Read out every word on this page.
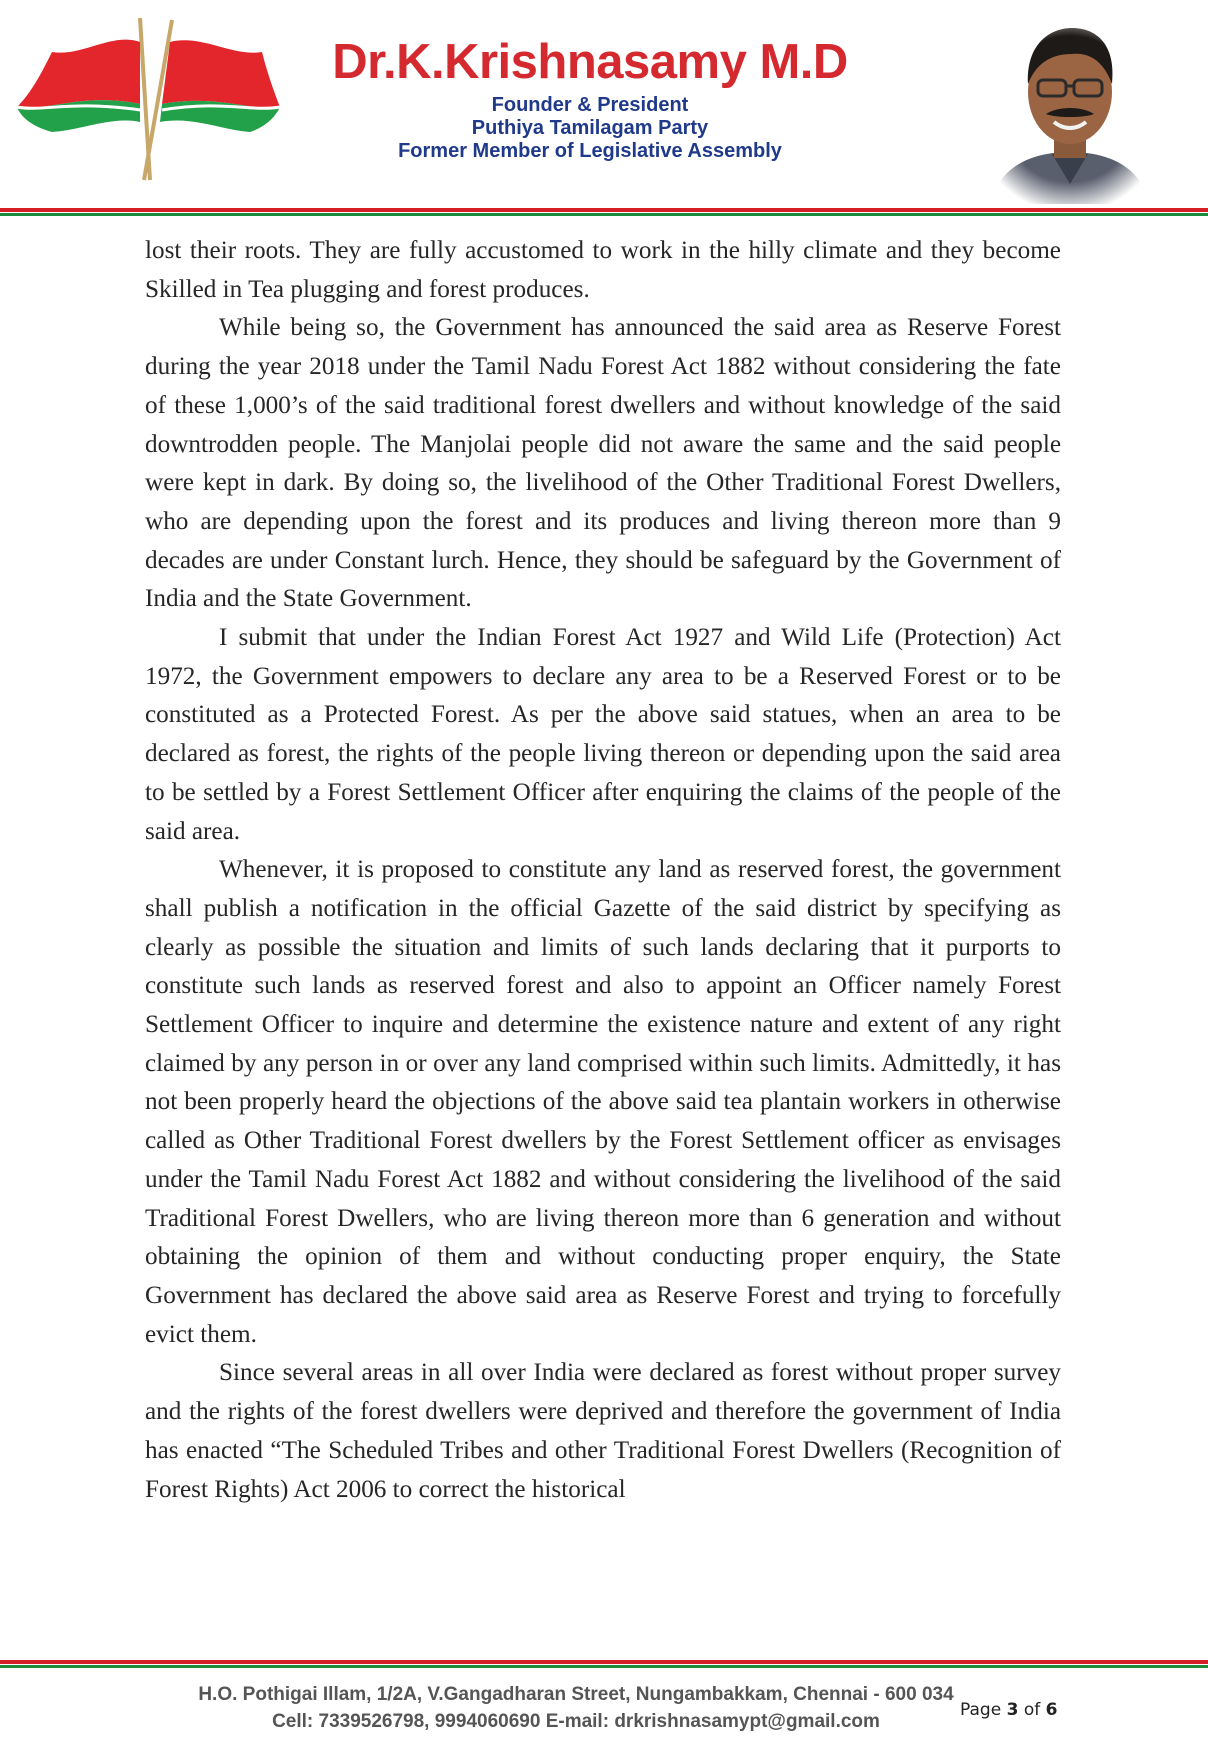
Dr.K.Krishnasamy M.D
Founder & President
Puthiya Tamilagam Party
Former Member of Legislative Assembly

lost their roots. They are fully accustomed to work in the hilly climate and they become Skilled in Tea plugging and forest produces.

While being so, the Government has announced the said area as Reserve Forest during the year 2018 under the Tamil Nadu Forest Act 1882 without considering the fate of these 1,000’s of the said traditional forest dwellers and without knowledge of the said downtrodden people. The Manjolai people did not aware the same and the said people were kept in dark. By doing so, the livelihood of the Other Traditional Forest Dwellers, who are depending upon the forest and its produces and living thereon more than 9 decades are under Constant lurch. Hence, they should be safeguard by the Government of India and the State Government.

I submit that under the Indian Forest Act 1927 and Wild Life (Protection) Act 1972, the Government empowers to declare any area to be a Reserved Forest or to be constituted as a Protected Forest. As per the above said statues, when an area to be declared as forest, the rights of the people living thereon or depending upon the said area to be settled by a Forest Settlement Officer after enquiring the claims of the people of the said area.

Whenever, it is proposed to constitute any land as reserved forest, the government shall publish a notification in the official Gazette of the said district by specifying as clearly as possible the situation and limits of such lands declaring that it purports to constitute such lands as reserved forest and also to appoint an Officer namely Forest Settlement Officer to inquire and determine the existence nature and extent of any right claimed by any person in or over any land comprised within such limits. Admittedly, it has not been properly heard the objections of the above said tea plantain workers in otherwise called as Other Traditional Forest dwellers by the Forest Settlement officer as envisages under the Tamil Nadu Forest Act 1882 and without considering the livelihood of the said Traditional Forest Dwellers, who are living thereon more than 6 generation and without obtaining the opinion of them and without conducting proper enquiry, the State Government has declared the above said area as Reserve Forest and trying to forcefully evict them.

Since several areas in all over India were declared as forest without proper survey and the rights of the forest dwellers were deprived and therefore the government of India has enacted “The Scheduled Tribes and other Traditional Forest Dwellers (Recognition of Forest Rights) Act 2006 to correct the historical

H.O. Pothigai Illam, 1/2A, V.Gangadharan Street, Nungambakkam, Chennai - 600 034
Cell: 7339526798, 9994060690 E-mail: drkrishnasamypt@gmail.com
Page 3 of 6
